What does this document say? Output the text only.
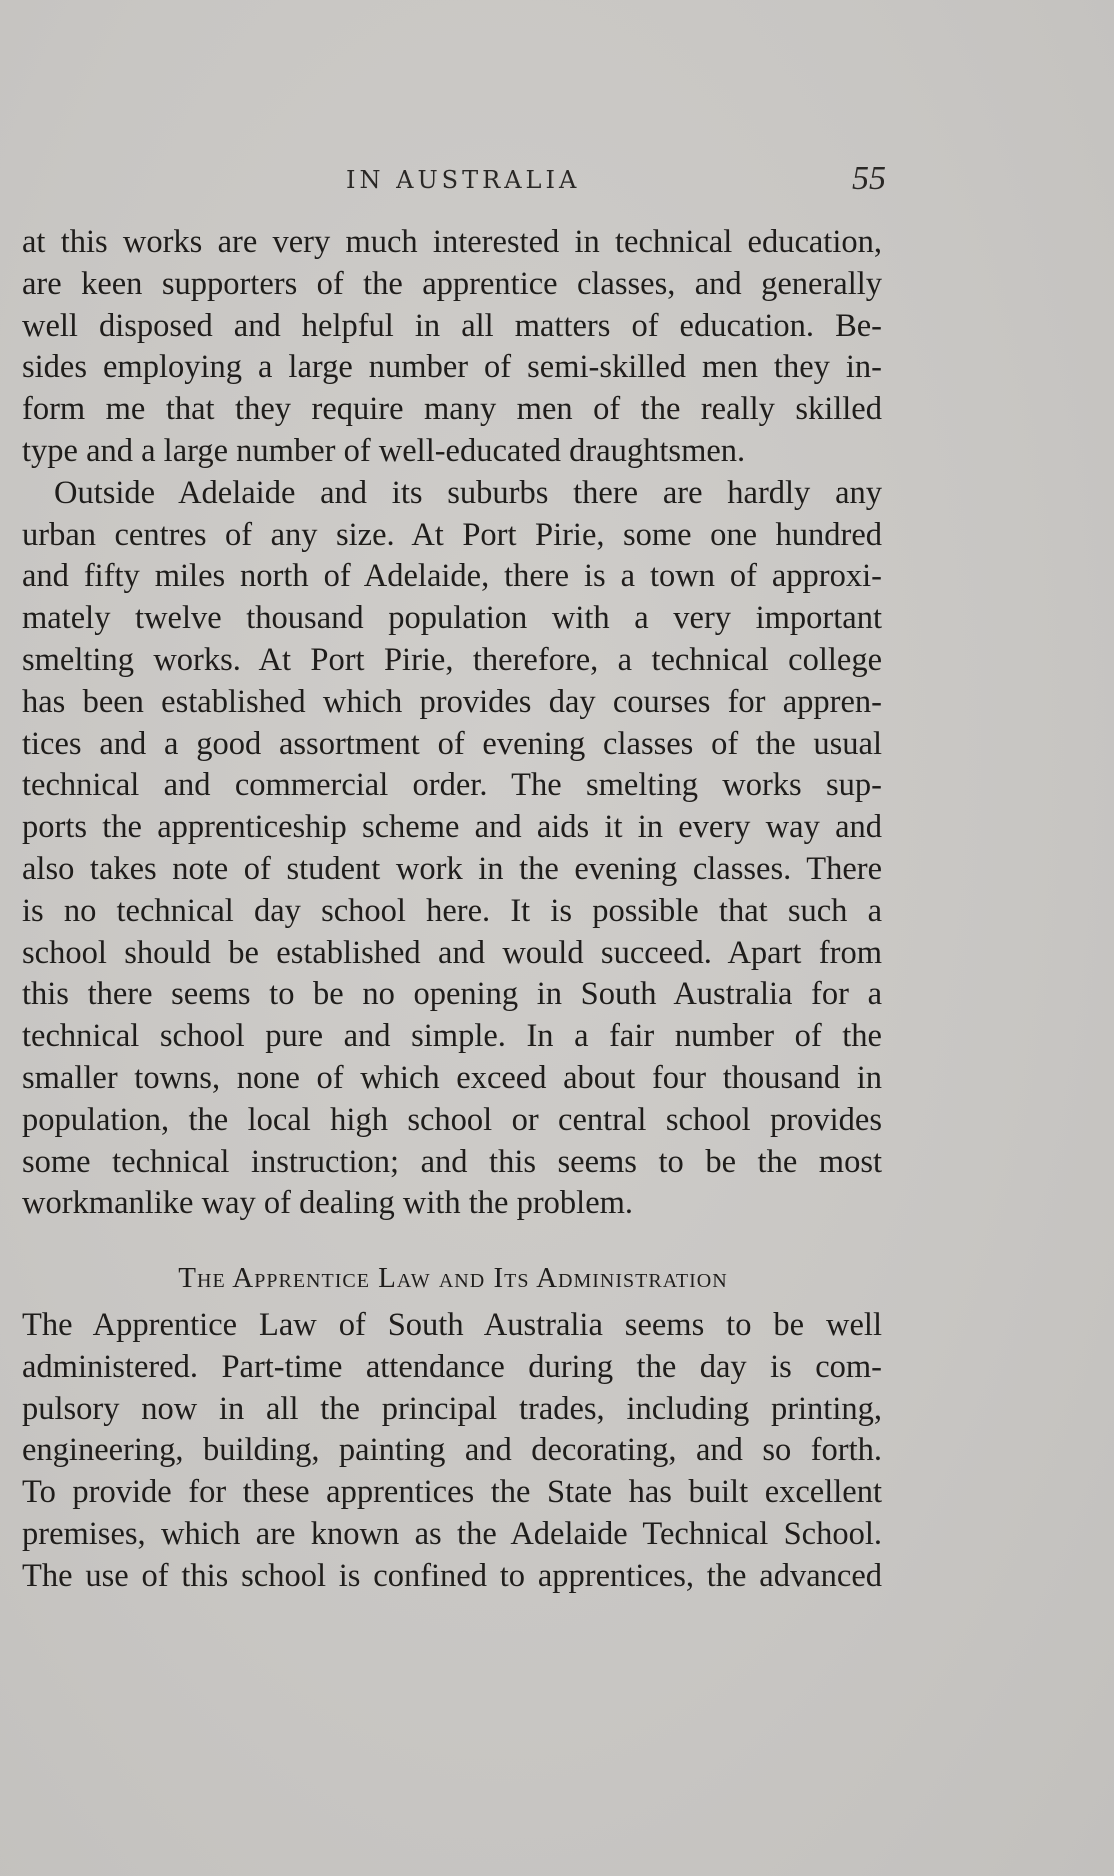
IN AUSTRALIA	55
at this works are very much interested in technical education,
are keen supporters of the apprentice classes, and generally
well disposed and helpful in all matters of education. Be-
sides employing a large number of semi-skilled men they in-
form me that they require many men of the really skilled
type and a large number of well-educated draughtsmen.
Outside Adelaide and its suburbs there are hardly any
urban centres of any size. At Port Pirie, some one hundred
and fifty miles north of Adelaide, there is a town of approxi-
mately twelve thousand population with a very important
smelting works. At Port Pirie, therefore, a technical college
has been established which provides day courses for appren-
tices and a good assortment of evening classes of the usual
technical and commercial order. The smelting works sup-
ports the apprenticeship scheme and aids it in every way and
also takes note of student work in the evening classes. There
is no technical day school here. It is possible that such a
school should be established and would succeed. Apart from
this there seems to be no opening in South Australia for a
technical school pure and simple. In a fair number of the
smaller towns, none of which exceed about four thousand in
population, the local high school or central school provides
some technical instruction; and this seems to be the most
workmanlike way of dealing with the problem.
The Apprentice Law and Its Administration
The Apprentice Law of South Australia seems to be well
administered. Part-time attendance during the day is com-
pulsory now in all the principal trades, including printing,
engineering, building, painting and decorating, and so forth.
To provide for these apprentices the State has built excellent
premises, which are known as the Adelaide Technical School.
The use of this school is confined to apprentices, the advanced
